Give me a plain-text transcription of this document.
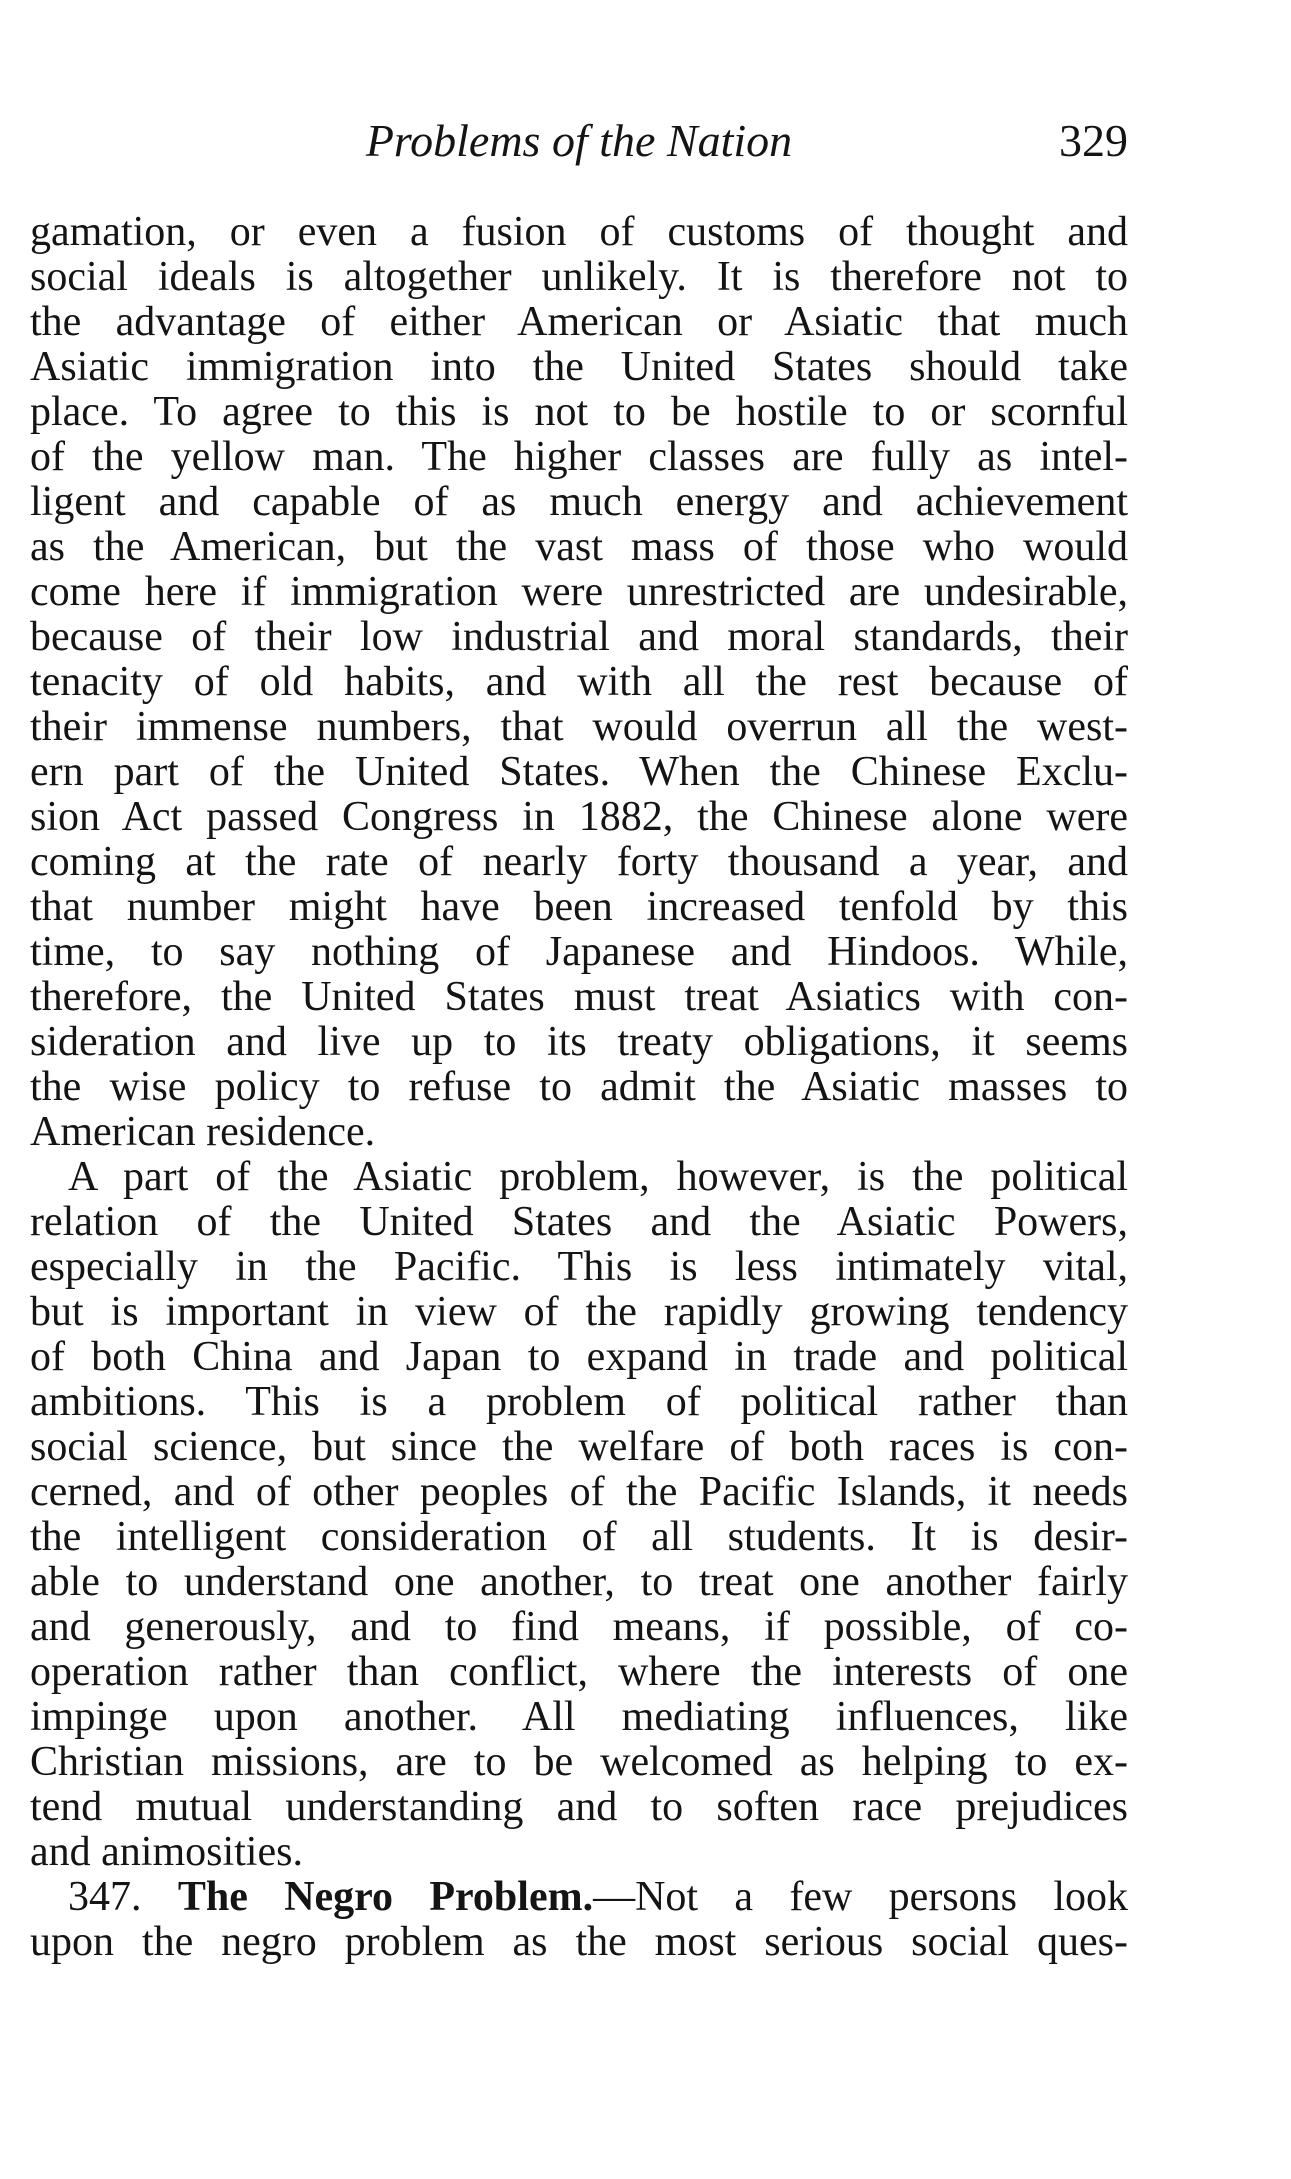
Problems of the Nation	329
gamation, or even a fusion of customs of thought and
social ideals is altogether unlikely. It is therefore not to
the advantage of either American or Asiatic that much
Asiatic immigration into the United States should take
place. To agree to this is not to be hostile to or scornful
of the yellow man. The higher classes are fully as intel-
ligent and capable of as much energy and achievement
as the American, but the vast mass of those who would
come here if immigration were unrestricted are undesirable,
because of their low industrial and moral standards, their
tenacity of old habits, and with all the rest because of
their immense numbers, that would overrun all the west-
ern part of the United States. When the Chinese Exclu-
sion Act passed Congress in 1882, the Chinese alone were
coming at the rate of nearly forty thousand a year, and
that number might have been increased tenfold by this
time, to say nothing of Japanese and Hindoos. While,
therefore, the United States must treat Asiatics with con-
sideration and live up to its treaty obligations, it seems
the wise policy to refuse to admit the Asiatic masses to
American residence.
A part of the Asiatic problem, however, is the political
relation of the United States and the Asiatic Powers,
especially in the Pacific. This is less intimately vital,
but is important in view of the rapidly growing tendency
of both China and Japan to expand in trade and political
ambitions. This is a problem of political rather than
social science, but since the welfare of both races is con-
cerned, and of other peoples of the Pacific Islands, it needs
the intelligent consideration of all students. It is desir-
able to understand one another, to treat one another fairly
and generously, and to find means, if possible, of co-
operation rather than conflict, where the interests of one
impinge upon another. All mediating influences, like
Christian missions, are to be welcomed as helping to ex-
tend mutual understanding and to soften race prejudices
and animosities.
347. The Negro Problem.—Not a few persons look
upon the negro problem as the most serious social ques-
